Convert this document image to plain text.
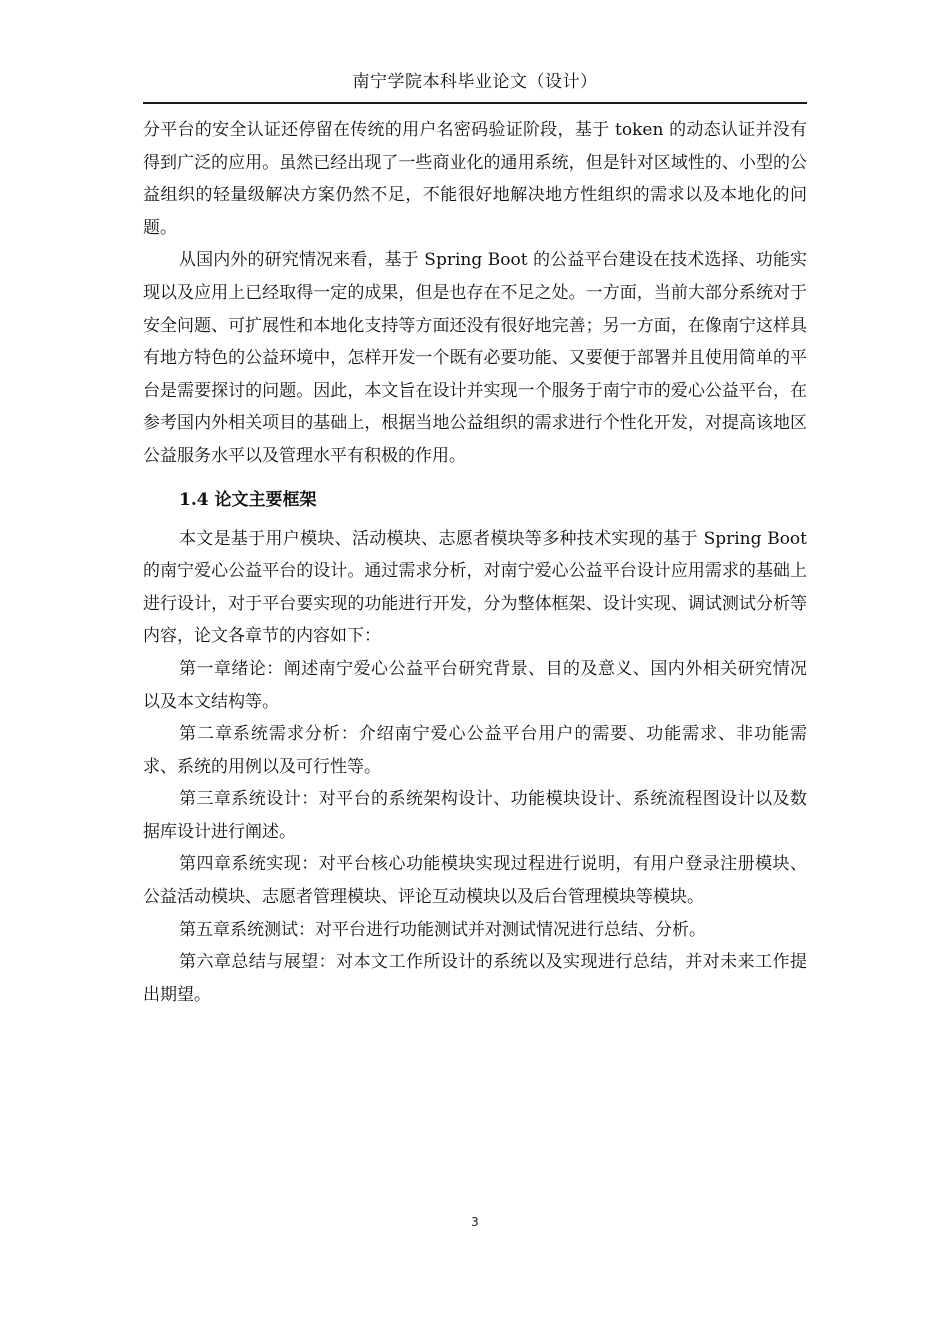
南宁学院本科毕业论文（设计）

分平台的安全认证还停留在传统的用户名密码验证阶段，基于 token 的动态认证并没有得到广泛的应用。虽然已经出现了一些商业化的通用系统，但是针对区域性的、小型的公益组织的轻量级解决方案仍然不足，不能很好地解决地方性组织的需求以及本地化的问题。

从国内外的研究情况来看，基于 Spring Boot 的公益平台建设在技术选择、功能实现以及应用上已经取得一定的成果，但是也存在不足之处。一方面，当前大部分系统对于安全问题、可扩展性和本地化支持等方面还没有很好地完善；另一方面，在像南宁这样具有地方特色的公益环境中，怎样开发一个既有必要功能、又要便于部署并且使用简单的平台是需要探讨的问题。因此，本文旨在设计并实现一个服务于南宁市的爱心公益平台，在参考国内外相关项目的基础上，根据当地公益组织的需求进行个性化开发，对提高该地区公益服务水平以及管理水平有积极的作用。

1.4 论文主要框架

本文是基于用户模块、活动模块、志愿者模块等多种技术实现的基于 Spring Boot 的南宁爱心公益平台的设计。通过需求分析，对南宁爱心公益平台设计应用需求的基础上进行设计，对于平台要实现的功能进行开发，分为整体框架、设计实现、调试测试分析等内容，论文各章节的内容如下：

第一章绪论：阐述南宁爱心公益平台研究背景、目的及意义、国内外相关研究情况以及本文结构等。

第二章系统需求分析：介绍南宁爱心公益平台用户的需要、功能需求、非功能需求、系统的用例以及可行性等。

第三章系统设计：对平台的系统架构设计、功能模块设计、系统流程图设计以及数据库设计进行阐述。

第四章系统实现：对平台核心功能模块实现过程进行说明，有用户登录注册模块、公益活动模块、志愿者管理模块、评论互动模块以及后台管理模块等模块。

第五章系统测试：对平台进行功能测试并对测试情况进行总结、分析。

第六章总结与展望：对本文工作所设计的系统以及实现进行总结，并对未来工作提出期望。

3
